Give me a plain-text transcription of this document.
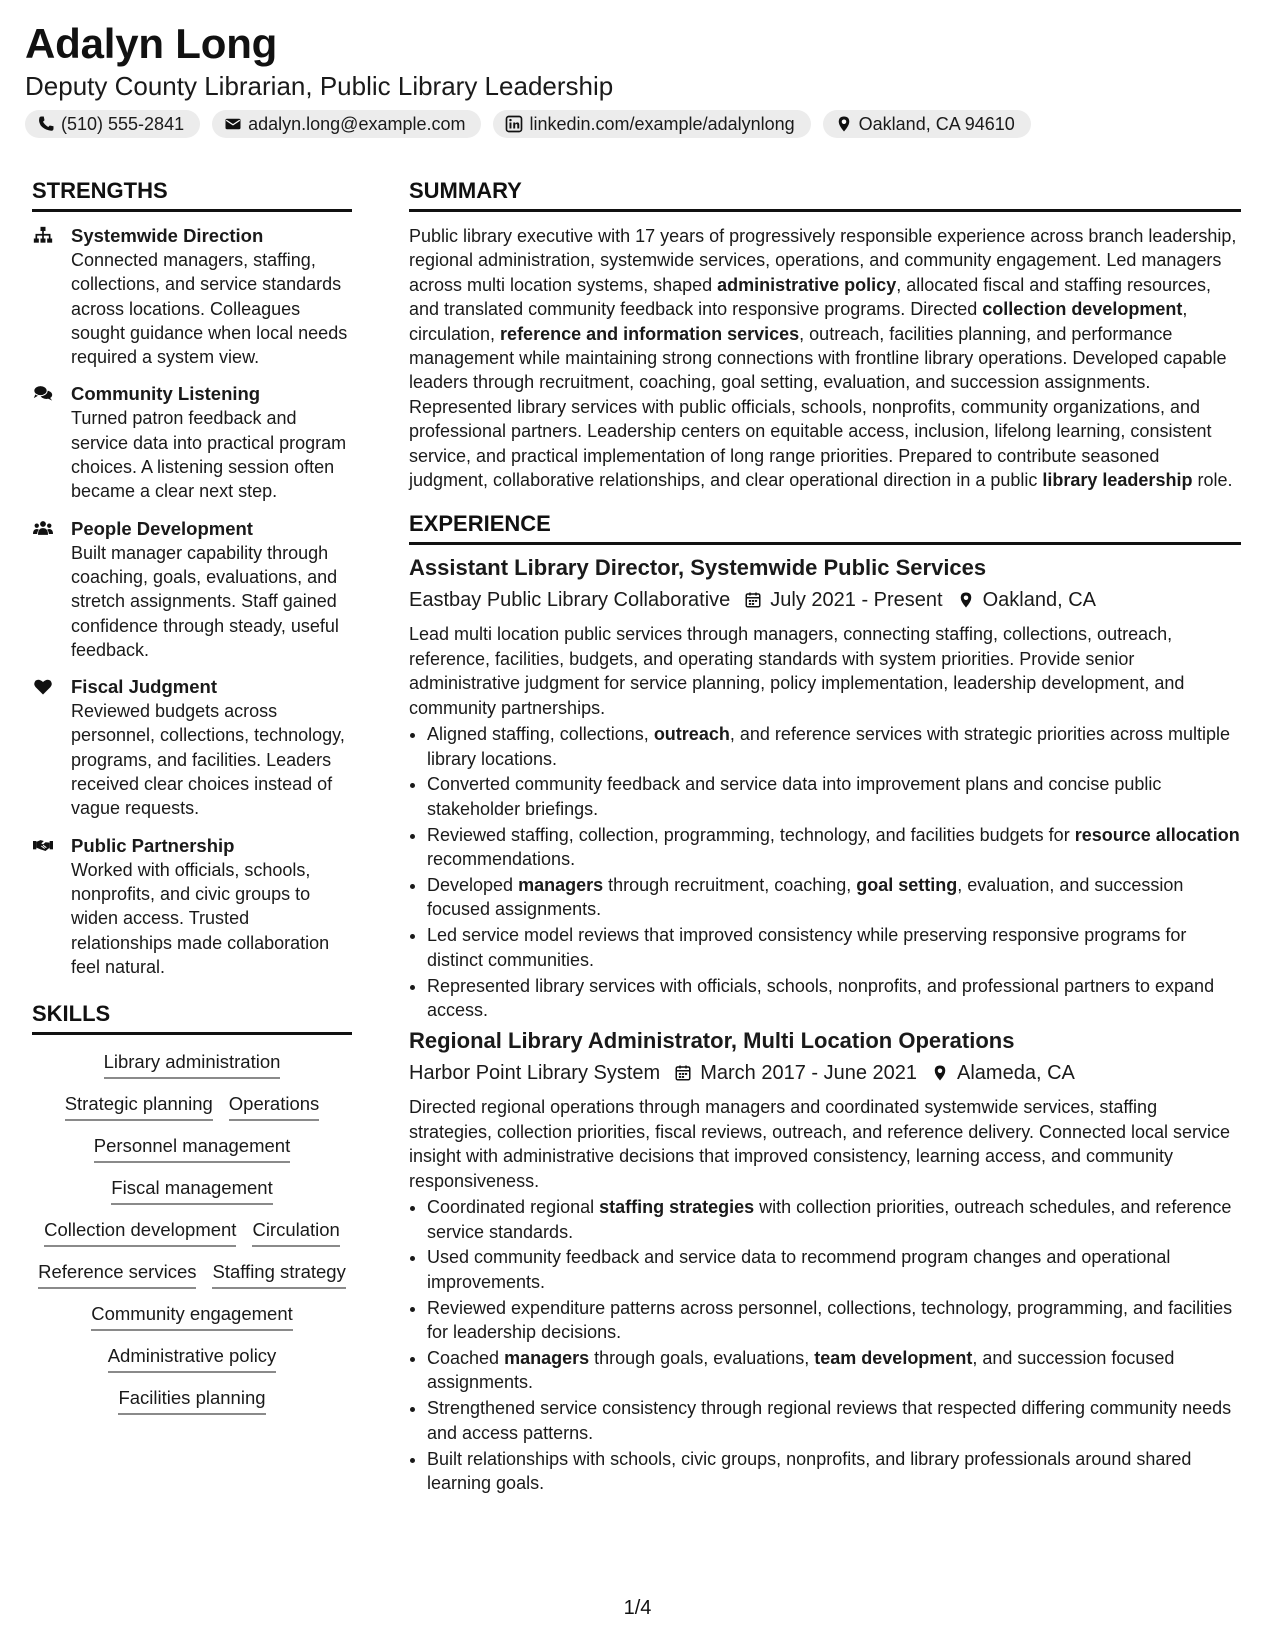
Adalyn Long
Deputy County Librarian, Public Library Leadership
(510) 555-2841	adalyn.long@example.com	linkedin.com/example/adalynlong	Oakland, CA 94610
STRENGTHS
Systemwide Direction
Connected managers, staffing, collections, and service standards across locations. Colleagues sought guidance when local needs required a system view.
Community Listening
Turned patron feedback and service data into practical program choices. A listening session often became a clear next step.
People Development
Built manager capability through coaching, goals, evaluations, and stretch assignments. Staff gained confidence through steady, useful feedback.
Fiscal Judgment
Reviewed budgets across personnel, collections, technology, programs, and facilities. Leaders received clear choices instead of vague requests.
Public Partnership
Worked with officials, schools, nonprofits, and civic groups to widen access. Trusted relationships made collaboration feel natural.
SKILLS
Library administration
Strategic planning Operations
Personnel management
Fiscal management
Collection development Circulation
Reference services Staffing strategy
Community engagement
Administrative policy
Facilities planning
SUMMARY

Public library executive with 17 years of progressively responsible experience across branch leadership, regional administration, systemwide services, operations, and community engagement. Led managers across multi location systems, shaped administrative policy, allocated fiscal and staffing resources, and translated community feedback into responsive programs. Directed collection development, circulation, reference and information services, outreach, facilities planning, and performance management while maintaining strong connections with frontline library operations. Developed capable leaders through recruitment, coaching, goal setting, evaluation, and succession assignments. Represented library services with public officials, schools, nonprofits, community organizations, and professional partners. Leadership centers on equitable access, inclusion, lifelong learning, consistent service, and practical implementation of long range priorities. Prepared to contribute seasoned judgment, collaborative relationships, and clear operational direction in a public library leadership role.

EXPERIENCE
Assistant Library Director, Systemwide Public Services
Eastbay Public Library Collaborative July 2021 - Present Oakland, CA

Lead multi location public services through managers, connecting staffing, collections, outreach, reference, facilities, budgets, and operating standards with system priorities. Provide senior administrative judgment for service planning, policy implementation, leadership development, and community partnerships.

• Aligned staffing, collections, outreach, and reference services with strategic priorities across multiple library locations.
• Converted community feedback and service data into improvement plans and concise public stakeholder briefings.
• Reviewed staffing, collection, programming, technology, and facilities budgets for resource allocation recommendations.
• Developed managers through recruitment, coaching, goal setting, evaluation, and succession focused assignments.
• Led service model reviews that improved consistency while preserving responsive programs for distinct communities.
• Represented library services with officials, schools, nonprofits, and professional partners to expand access.
Regional Library Administrator, Multi Location Operations
Harbor Point Library System March 2017 - June 2021 Alameda, CA

Directed regional operations through managers and coordinated systemwide services, staffing strategies, collection priorities, fiscal reviews, outreach, and reference delivery. Connected local service insight with administrative decisions that improved consistency, learning access, and community responsiveness.

• Coordinated regional staffing strategies with collection priorities, outreach schedules, and reference service standards.
• Used community feedback and service data to recommend program changes and operational improvements.
• Reviewed expenditure patterns across personnel, collections, technology, programming, and facilities for leadership decisions.
• Coached managers through goals, evaluations, team development, and succession focused assignments.
• Strengthened service consistency through regional reviews that respected differing community needs and access patterns.
• Built relationships with schools, civic groups, nonprofits, and library professionals around shared learning goals.
1/4
